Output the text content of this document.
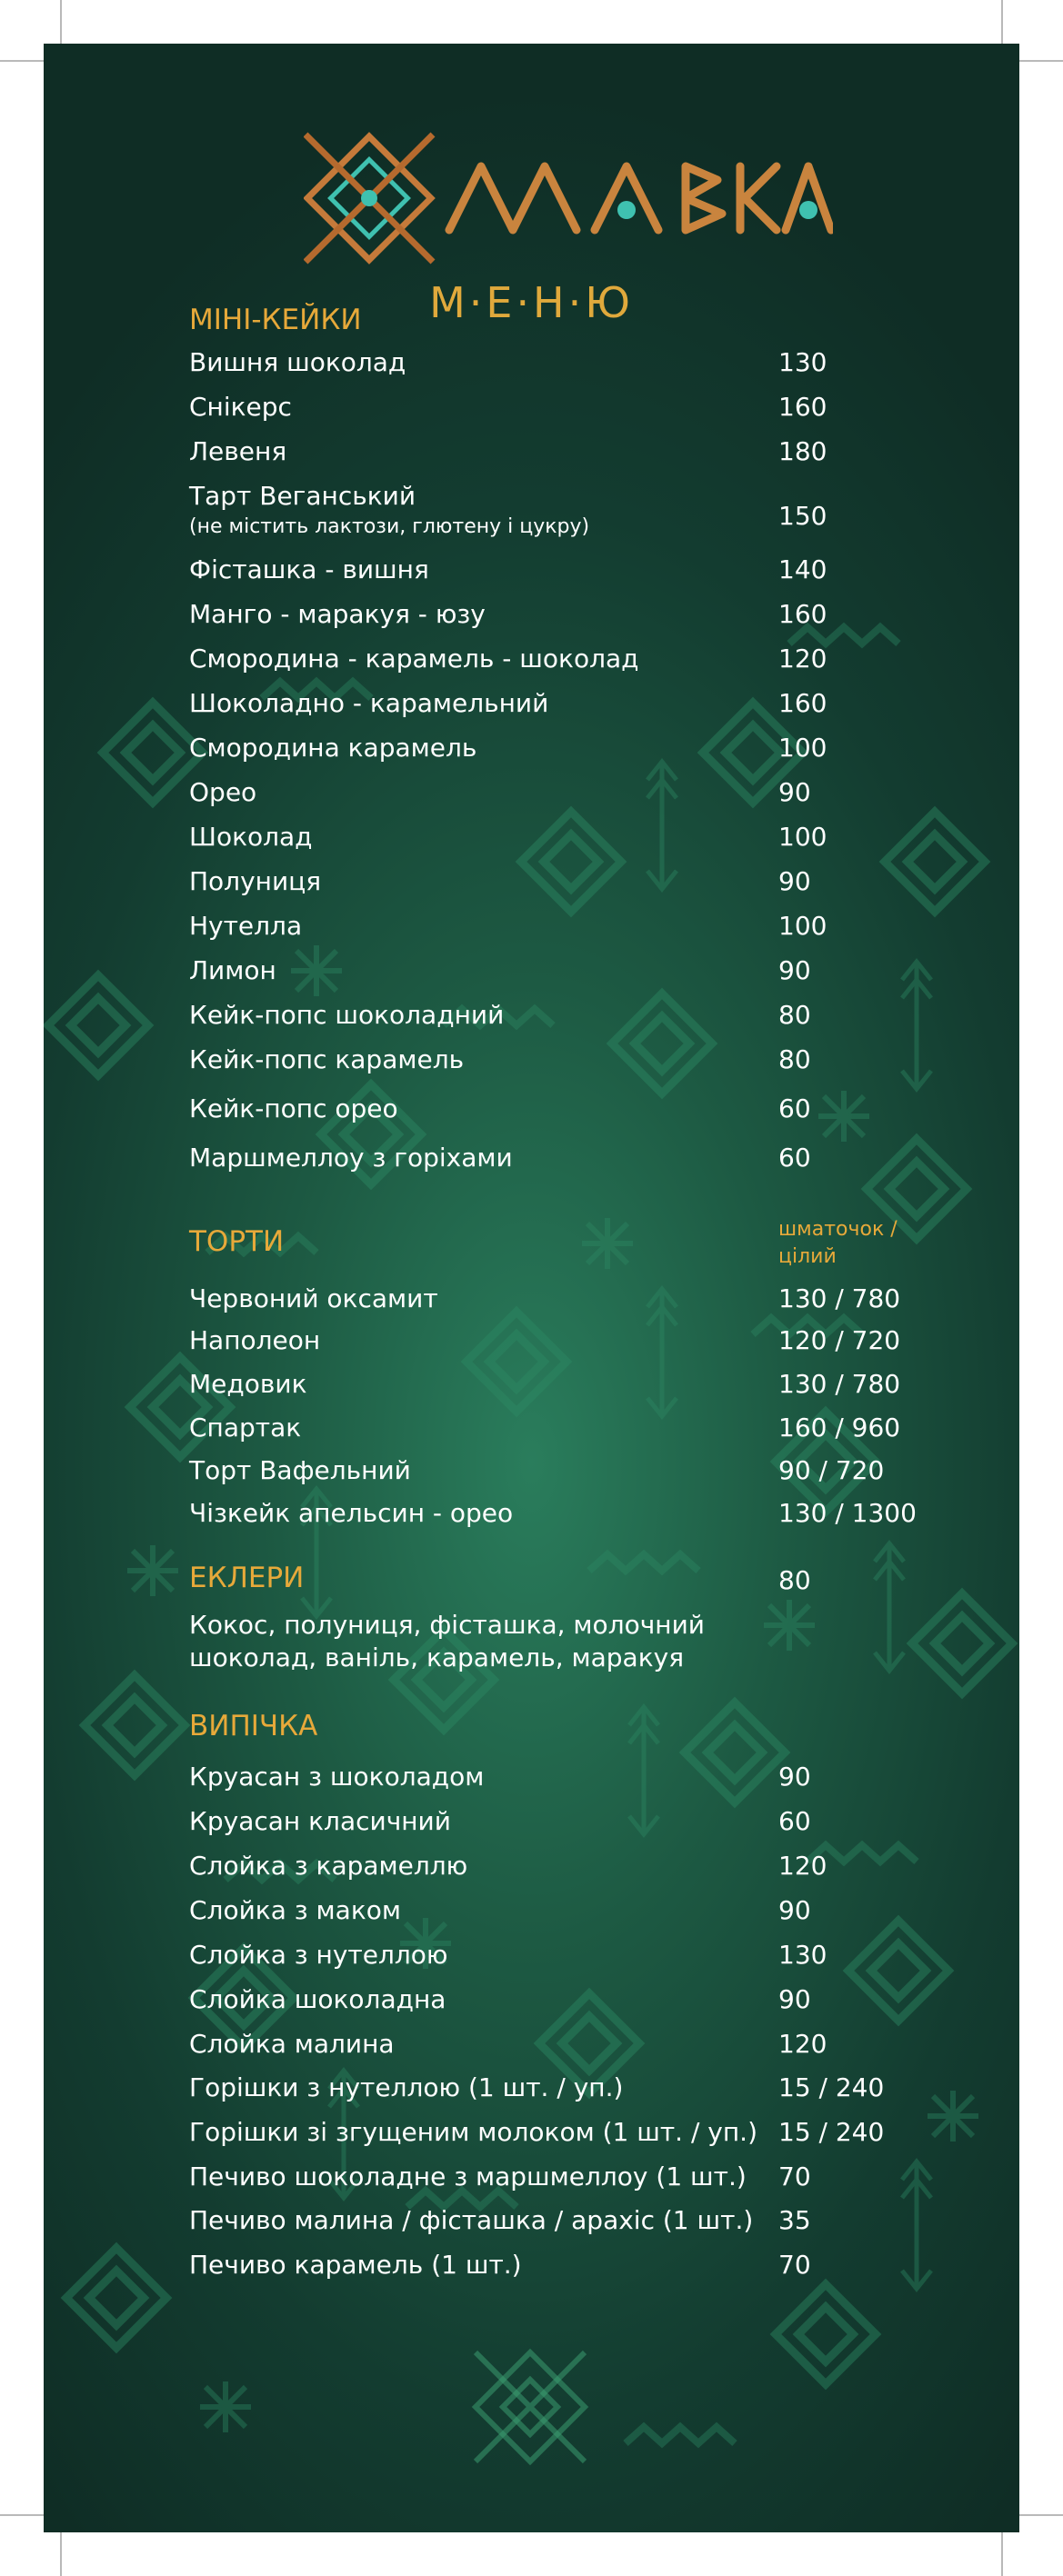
М·Е·Н·Ю
МІНІ-КЕЙКИ
Вишня шоколад	130
Снікерс	160
Левеня	180
Тарт Веганський
(не містить лактози, глютену і цукру)	150
Фісташка - вишня	140
Манго - маракуя - юзу	160
Смородина - карамель - шоколад	120
Шоколадно - карамельний	160
Смородина карамель	100
Орео	90
Шоколад	100
Полуниця	90
Нутелла	100
Лимон	90
Кейк-попс шоколадний	80
Кейк-попс карамель	80
Кейк-попс орео	60
Маршмеллоу з горіхами	60
ТОРТИ	шматочок / цілий
Червоний оксамит	130 / 780
Наполеон	120 / 720
Медовик	130 / 780
Спартак	160 / 960
Торт Вафельний	90 / 720
Чізкейк апельсин - орео	130 / 1300
ЕКЛЕРИ	80
Кокос, полуниця, фісташка, молочний шоколад, ваніль, карамель, маракуя
ВИПІЧКА
Круасан з шоколадом	90
Круасан класичний	60
Слойка з карамеллю	120
Слойка з маком	90
Слойка з нутеллою	130
Слойка шоколадна	90
Слойка малина	120
Горішки з нутеллою (1 шт. / уп.)	15 / 240
Горішки зі згущеним молоком (1 шт. / уп.) 15 / 240
Печиво шоколадне з маршмеллоу (1 шт.) 70
Печиво малина / фісташка / арахіс (1 шт.) 35
Печиво карамель (1 шт.)	70
